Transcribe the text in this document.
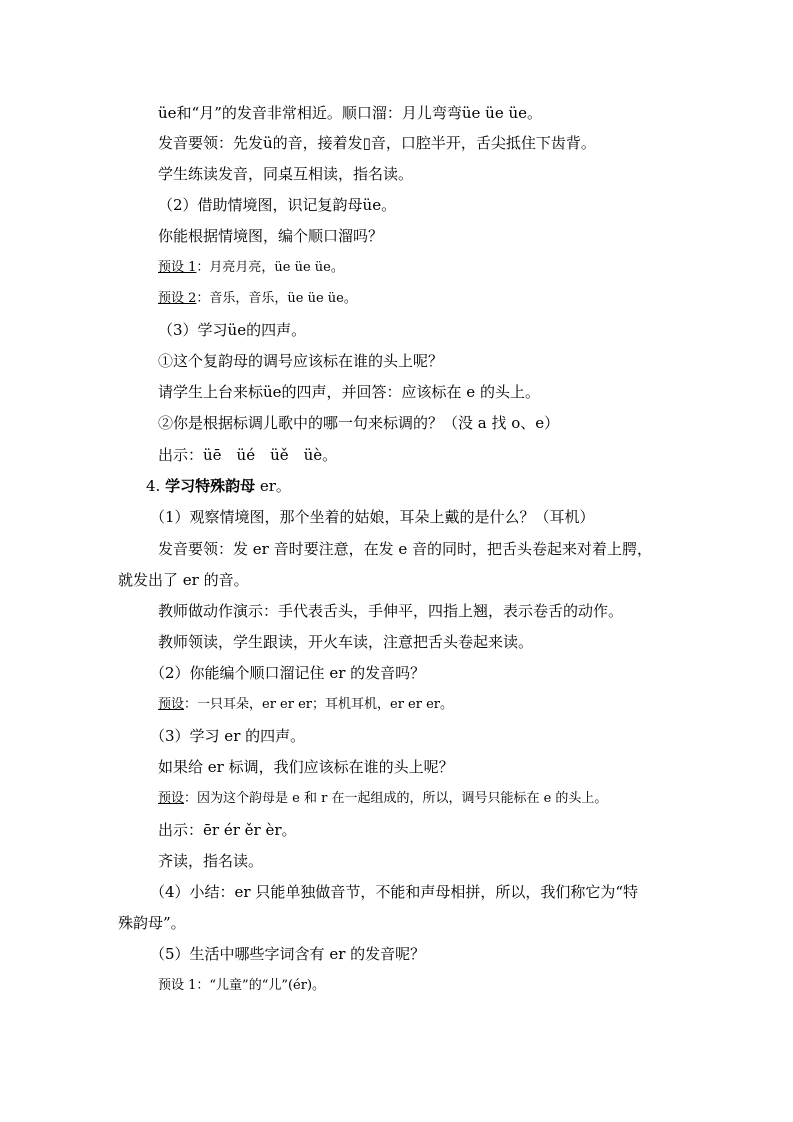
üe和“月”的发音非常相近。顺口溜：月儿弯弯üe üe üe。
发音要领：先发ü的音，接着发▯音，口腔半开，舌尖抵住下齿背。
学生练读发音，同桌互相读，指名读。
（2）借助情境图，识记复韵母üe。
你能根据情境图，编个顺口溜吗？
预设 1：月亮月亮，üe üe üe。
预设 2：音乐，音乐，üe üe üe。
（3）学习üe的四声。
①这个复韵母的调号应该标在谁的头上呢？
请学生上台来标üe的四声，并回答：应该标在 e 的头上。
②你是根据标调儿歌中的哪一句来标调的？（没 a 找 o、e）
出示：üē　üé　üě　üè。
4. 学习特殊韵母 er。
（1）观察情境图，那个坐着的姑娘，耳朵上戴的是什么？（耳机）
发音要领：发 er 音时要注意，在发 e 音的同时，把舌头卷起来对着上腭，
就发出了 er 的音。
教师做动作演示：手代表舌头，手伸平，四指上翘，表示卷舌的动作。
教师领读，学生跟读，开火车读，注意把舌头卷起来读。
（2）你能编个顺口溜记住 er 的发音吗？
预设：一只耳朵，er er er；耳机耳机，er er er。
（3）学习 er 的四声。
如果给 er 标调，我们应该标在谁的头上呢？
预设：因为这个韵母是 e 和 r 在一起组成的，所以，调号只能标在 e 的头上。
出示：ēr ér ěr èr。
齐读，指名读。
（4）小结：er 只能单独做音节，不能和声母相拼，所以，我们称它为“特
殊韵母”。
（5）生活中哪些字词含有 er 的发音呢？
预设 1：“儿童”的“儿”(ér)。
